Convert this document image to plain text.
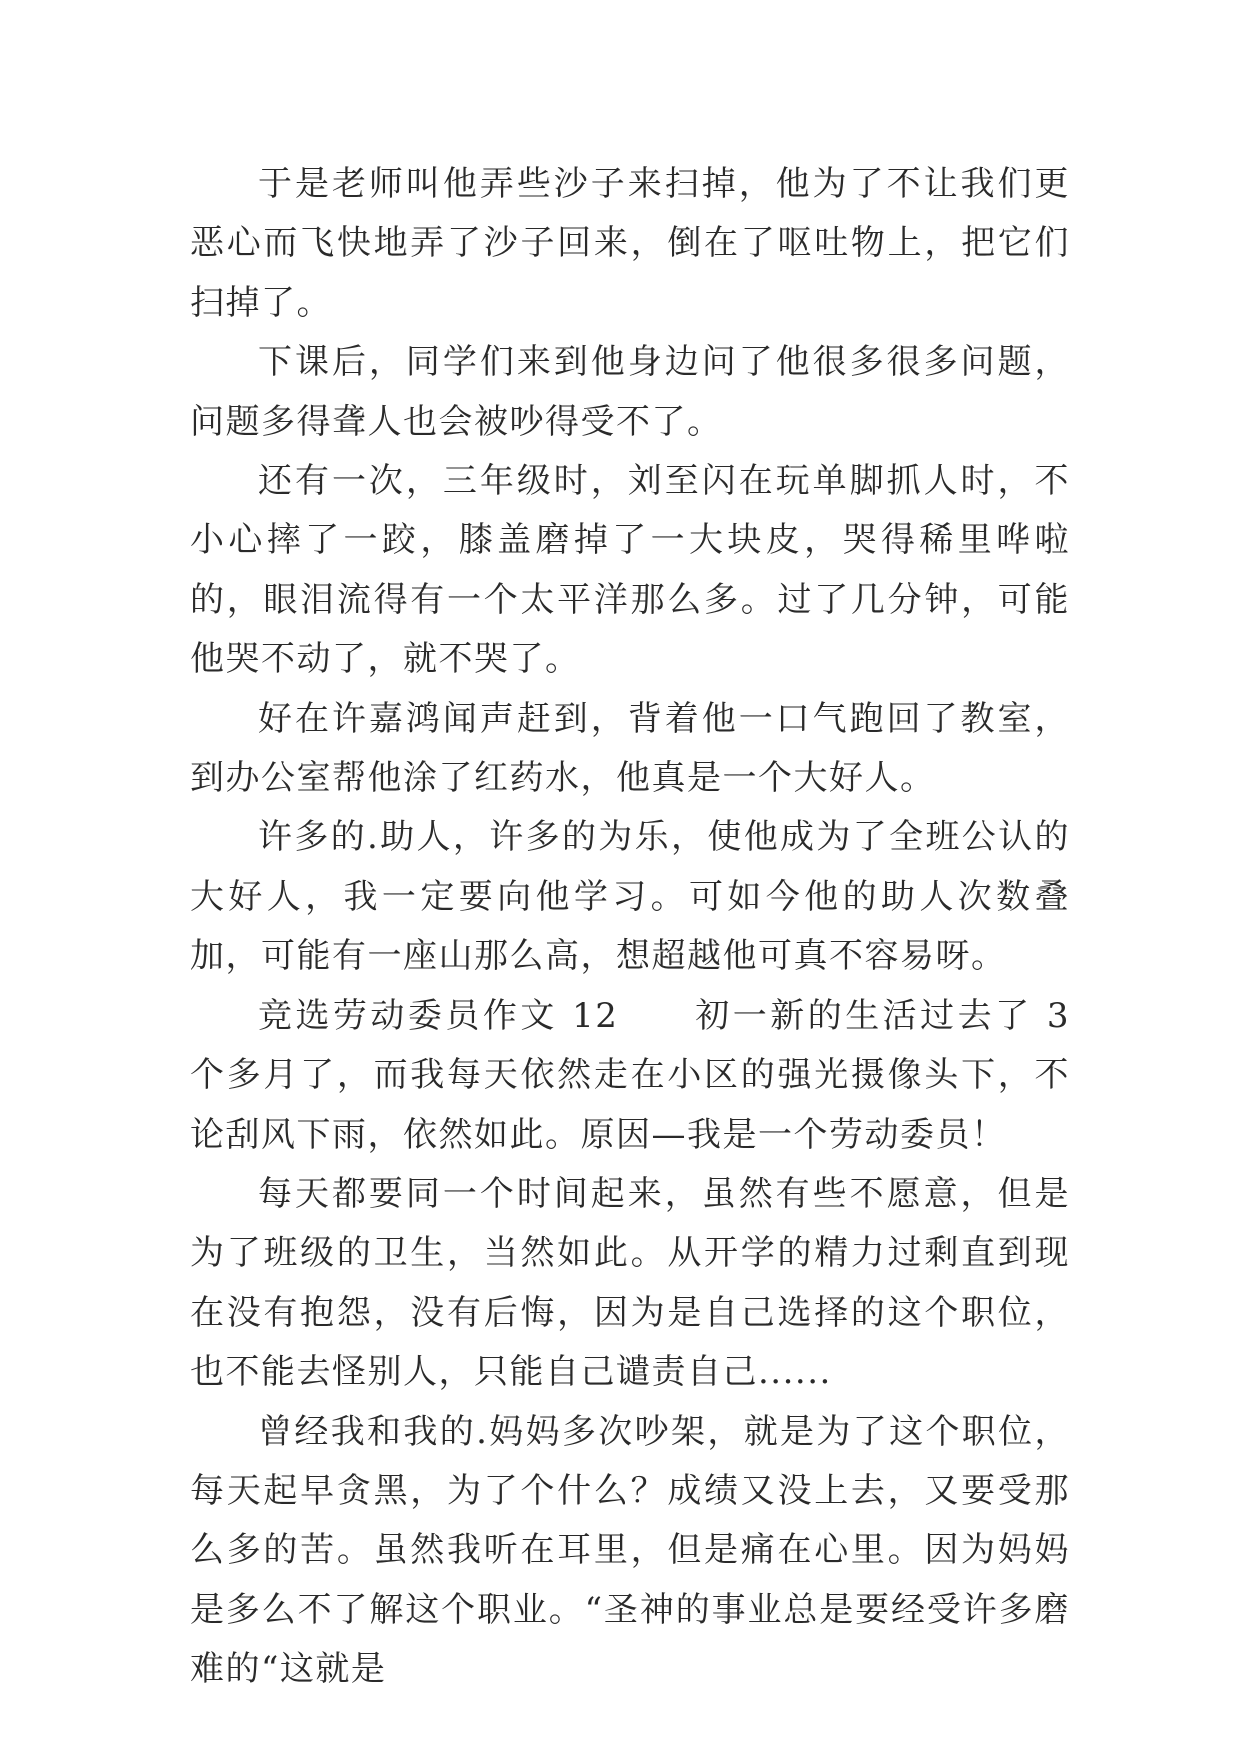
于是老师叫他弄些沙子来扫掉，他为了不让我们更恶心而飞快地弄了沙子回来，倒在了呕吐物上，把它们扫掉了。

下课后，同学们来到他身边问了他很多很多问题，问题多得聋人也会被吵得受不了。

还有一次，三年级时，刘至闪在玩单脚抓人时，不小心摔了一跤，膝盖磨掉了一大块皮，哭得稀里哗啦的，眼泪流得有一个太平洋那么多。过了几分钟，可能他哭不动了，就不哭了。

好在许嘉鸿闻声赶到，背着他一口气跑回了教室，到办公室帮他涂了红药水，他真是一个大好人。

许多的.助人，许多的为乐，使他成为了全班公认的大好人，我一定要向他学习。可如今他的助人次数叠加，可能有一座山那么高，想超越他可真不容易呀。

竞选劳动委员作文 12　　初一新的生活过去了 3 个多月了，而我每天依然走在小区的强光摄像头下，不论刮风下雨，依然如此。原因—我是一个劳动委员！

每天都要同一个时间起来，虽然有些不愿意，但是为了班级的卫生，当然如此。从开学的精力过剩直到现在没有抱怨，没有后悔，因为是自己选择的这个职位，也不能去怪别人，只能自己谴责自己......

曾经我和我的.妈妈多次吵架，就是为了这个职位，每天起早贪黑，为了个什么？成绩又没上去，又要受那么多的苦。虽然我听在耳里，但是痛在心里。因为妈妈是多么不了解这个职业。“圣神的事业总是要经受许多磨难的“这就是
